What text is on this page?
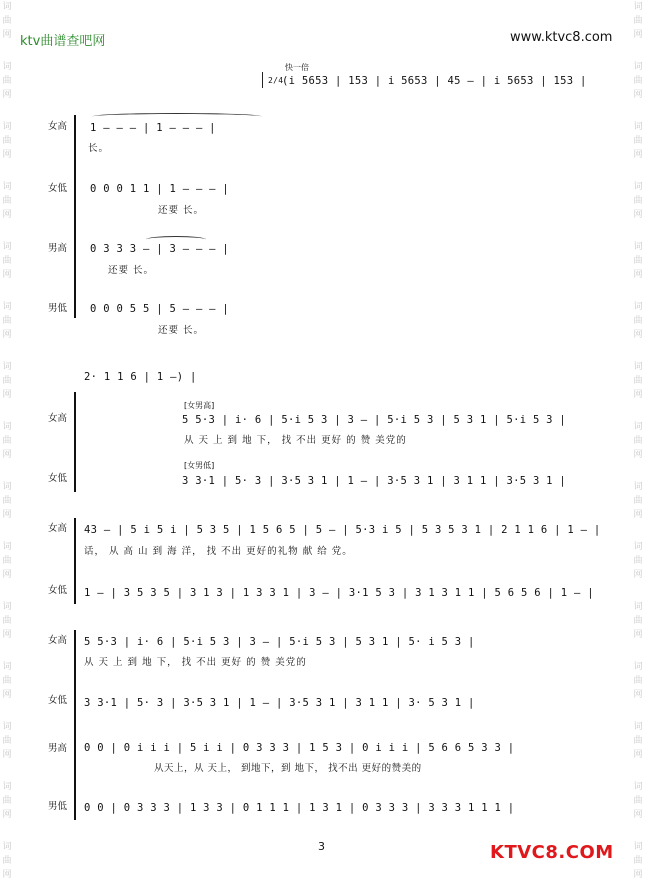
ktv曲谱查吧网	www.ktvc8.com
词
曲
网
词
曲
网
词
曲
网
词
曲
网
词
曲
网
词
曲
网
词
曲
网
词
曲
网
词
曲
网
词
曲
网
词
曲
网
词
曲
网
词
曲
网
词
曲
网
词
曲
网
词
曲
网
词
曲
网
词
曲
网
词
曲
网
词
曲
网
词
曲
网
词
曲
网
词
曲
网
词
曲
网
词
曲
网
词
曲
网
词
曲
网
词
曲
网
词
曲
网
词
曲
网
快一倍
2/4
(i 5653 | 153 | i 5653 | 45 — | i 5653 | 153 |
女高 1 — — — | 1 — — — |
长。
女低 0 0 0 1 1 | 1 — — — |
还要 长。
男高 0 3 3 3 — | 3 — — — |
还要 长。
男低 0 0 0 5 5 | 5 — — — |
还要 长。
2· 1 1 6 | 1 —) |
女高
[女男高]
5 5·3 | i· 6 | 5·i 5 3 | 3 — | 5·i 5 3 | 5 3 1 | 5·i 5 3 |
从 天 上 到 地 下， 找 不出 更好 的 赞 美党的
女低
[女男低]
3 3·1 | 5· 3 | 3·5 3 1 | 1 — | 3·5 3 1 | 3 1 1 | 3·5 3 1 |
女高 43 — | 5 i 5 i | 5 3 5 | 1 5 6 5 | 5 — | 5·3 i 5 | 5 3 5 3 1 | 2 1 1 6 | 1 — |
话， 从 高 山 到 海 洋， 找 不出 更好的礼物 献 给 党。
女低 1 — | 3 5 3 5 | 3 1 3 | 1 3 3 1 | 3 — | 3·1 5 3 | 3 1 3 1 1 | 5 6 5 6 | 1 — |
女高 5 5·3 | i· 6 | 5·i 5 3 | 3 — | 5·i 5 3 | 5 3 1 | 5· i 5 3 |
从 天 上 到 地 下， 找 不出 更好 的 赞 美党的
女低 3 3·1 | 5· 3 | 3·5 3 1 | 1 — | 3·5 3 1 | 3 1 1 | 3· 5 3 1 |
男高 0 0 | 0 i i i | 5 i i | 0 3 3 3 | 1 5 3 | 0 i i i | 5 6 6 5 3 3 |
从天上，从 天上， 到地下，到 地下， 找不出 更好的赞美的
男低 0 0 | 0 3 3 3 | 1 3 3 | 0 1 1 1 | 1 3 1 | 0 3 3 3 | 3 3 3 1 1 1 |
3	KTVC8.COM
